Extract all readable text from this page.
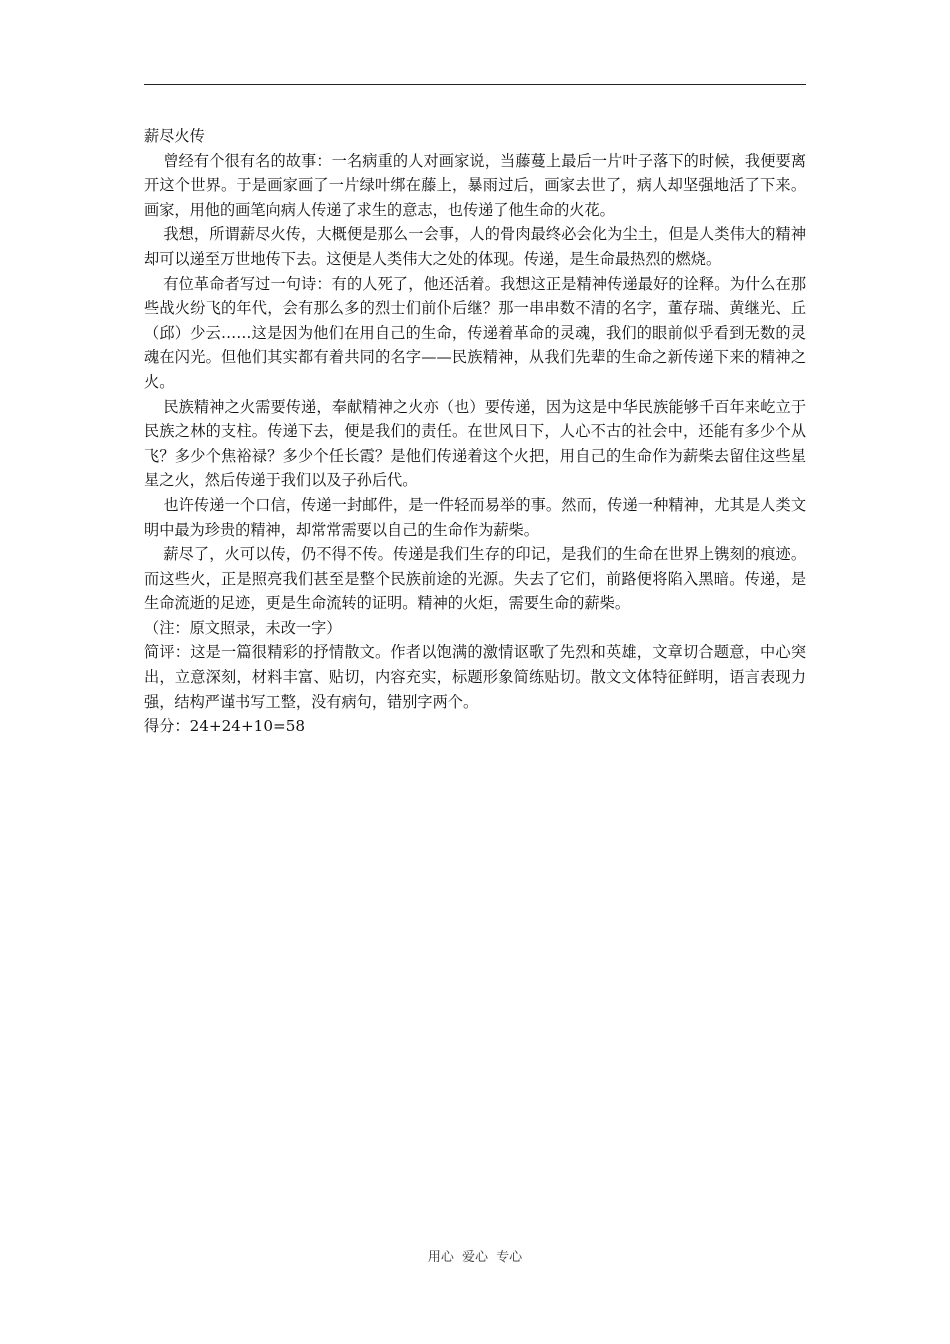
薪尽火传

曾经有个很有名的故事：一名病重的人对画家说，当藤蔓上最后一片叶子落下的时候，我便要离开这个世界。于是画家画了一片绿叶绑在藤上，暴雨过后，画家去世了，病人却坚强地活了下来。画家，用他的画笔向病人传递了求生的意志，也传递了他生命的火花。

我想，所谓薪尽火传，大概便是那么一会事，人的骨肉最终必会化为尘土，但是人类伟大的精神却可以递至万世地传下去。这便是人类伟大之处的体现。传递，是生命最热烈的燃烧。

有位革命者写过一句诗：有的人死了，他还活着。我想这正是精神传递最好的诠释。为什么在那些战火纷飞的年代，会有那么多的烈士们前仆后继？那一串串数不清的名字，董存瑞、黄继光、丘（邱）少云……这是因为他们在用自己的生命，传递着革命的灵魂，我们的眼前似乎看到无数的灵魂在闪光。但他们其实都有着共同的名字——民族精神，从我们先辈的生命之新传递下来的精神之火。

民族精神之火需要传递，奉献精神之火亦（也）要传递，因为这是中华民族能够千百年来屹立于民族之林的支柱。传递下去，便是我们的责任。在世风日下，人心不古的社会中，还能有多少个从飞？多少个焦裕禄？多少个任长霞？是他们传递着这个火把，用自己的生命作为薪柴去留住这些星星之火，然后传递于我们以及子孙后代。

也许传递一个口信，传递一封邮件，是一件轻而易举的事。然而，传递一种精神，尤其是人类文明中最为珍贵的精神，却常常需要以自己的生命作为薪柴。

薪尽了，火可以传，仍不得不传。传递是我们生存的印记，是我们的生命在世界上镌刻的痕迹。而这些火，正是照亮我们甚至是整个民族前途的光源。失去了它们，前路便将陷入黑暗。传递，是生命流逝的足迹，更是生命流转的证明。精神的火炬，需要生命的薪柴。

（注：原文照录，未改一字）

简评：这是一篇很精彩的抒情散文。作者以饱满的激情讴歌了先烈和英雄，文章切合题意，中心突出，立意深刻，材料丰富、贴切，内容充实，标题形象简练贴切。散文文体特征鲜明，语言表现力强，结构严谨书写工整，没有病句，错别字两个。

得分：24+24+10=58

用心 爱心 专心
